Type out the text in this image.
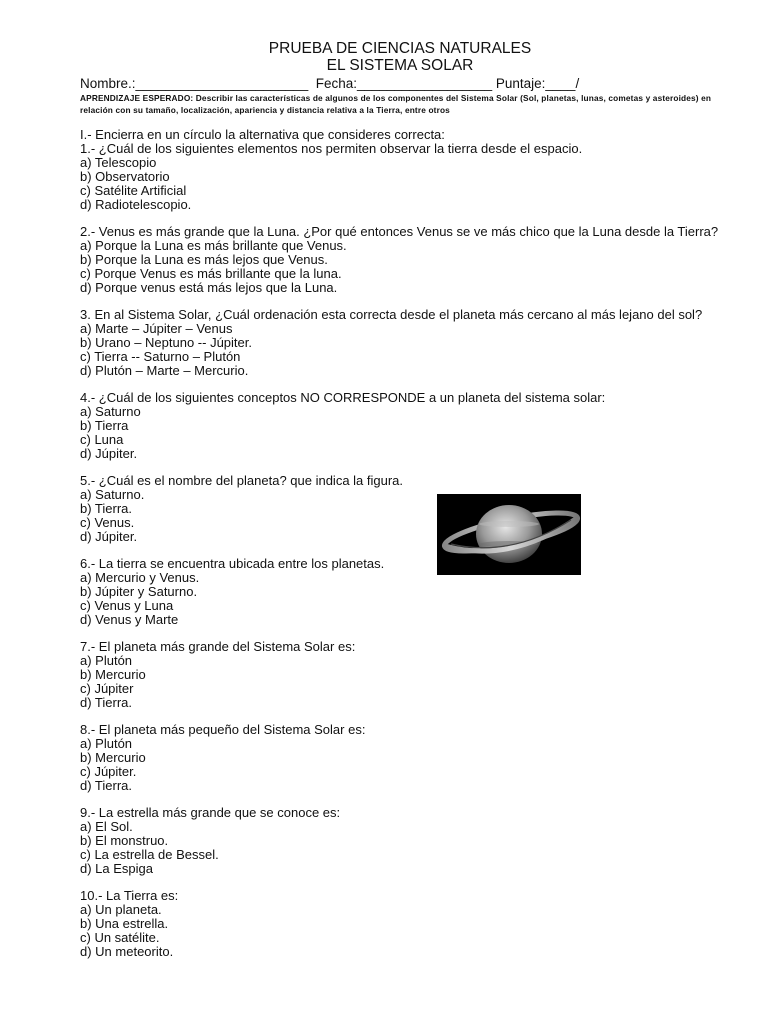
PRUEBA DE CIENCIAS NATURALES
EL SISTEMA SOLAR
Nombre.:_______________________  Fecha:__________________ Puntaje:____/
APRENDIZAJE ESPERADO: Describir las características de algunos de los componentes del Sistema Solar (Sol, planetas, lunas, cometas y asteroides) en relación con su tamaño, localización, apariencia y distancia relativa a la Tierra, entre otros
I.- Encierra en un círculo la alternativa que consideres correcta:

1.- ¿Cuál de los siguientes elementos nos permiten observar la tierra desde el espacio.

a) Telescopio

b) Observatorio

c) Satélite Artificial

d) Radiotelescopio.

2.- Venus es más grande que la Luna. ¿Por qué entonces Venus se ve más chico que la Luna desde la Tierra?

a) Porque la Luna es más brillante que Venus.

b) Porque la Luna es más lejos que Venus.

c) Porque Venus es más brillante que la luna.

d) Porque venus está más lejos que la Luna.

3. En al Sistema Solar, ¿Cuál ordenación esta correcta desde el planeta más cercano al más lejano del sol?

a) Marte – Júpiter – Venus

b) Urano – Neptuno -- Júpiter.

c) Tierra -- Saturno – Plutón

d) Plutón – Marte – Mercurio.

4.- ¿Cuál de los siguientes conceptos NO CORRESPONDE a un planeta del sistema solar:

a) Saturno

b) Tierra

c) Luna

d) Júpiter.

5.- ¿Cuál es el nombre del planeta? que indica la figura.

a) Saturno.

b) Tierra.

c) Venus.

d) Júpiter.

6.- La tierra se encuentra ubicada entre los planetas.

a) Mercurio y Venus.

b) Júpiter y Saturno.

c) Venus y Luna

d) Venus y Marte

7.- El planeta más grande del Sistema Solar es:

a) Plutón

b) Mercurio

c) Júpiter

d) Tierra.

8.- El planeta más pequeño del Sistema Solar es:

a) Plutón

b) Mercurio

c) Júpiter.

d) Tierra.

9.- La estrella más grande que se conoce es:

a) El Sol.

b) El monstruo.

c) La estrella de Bessel.

d) La Espiga

10.- La Tierra es:

a) Un planeta.

b) Una estrella.

c) Un satélite.

d) Un meteorito.
